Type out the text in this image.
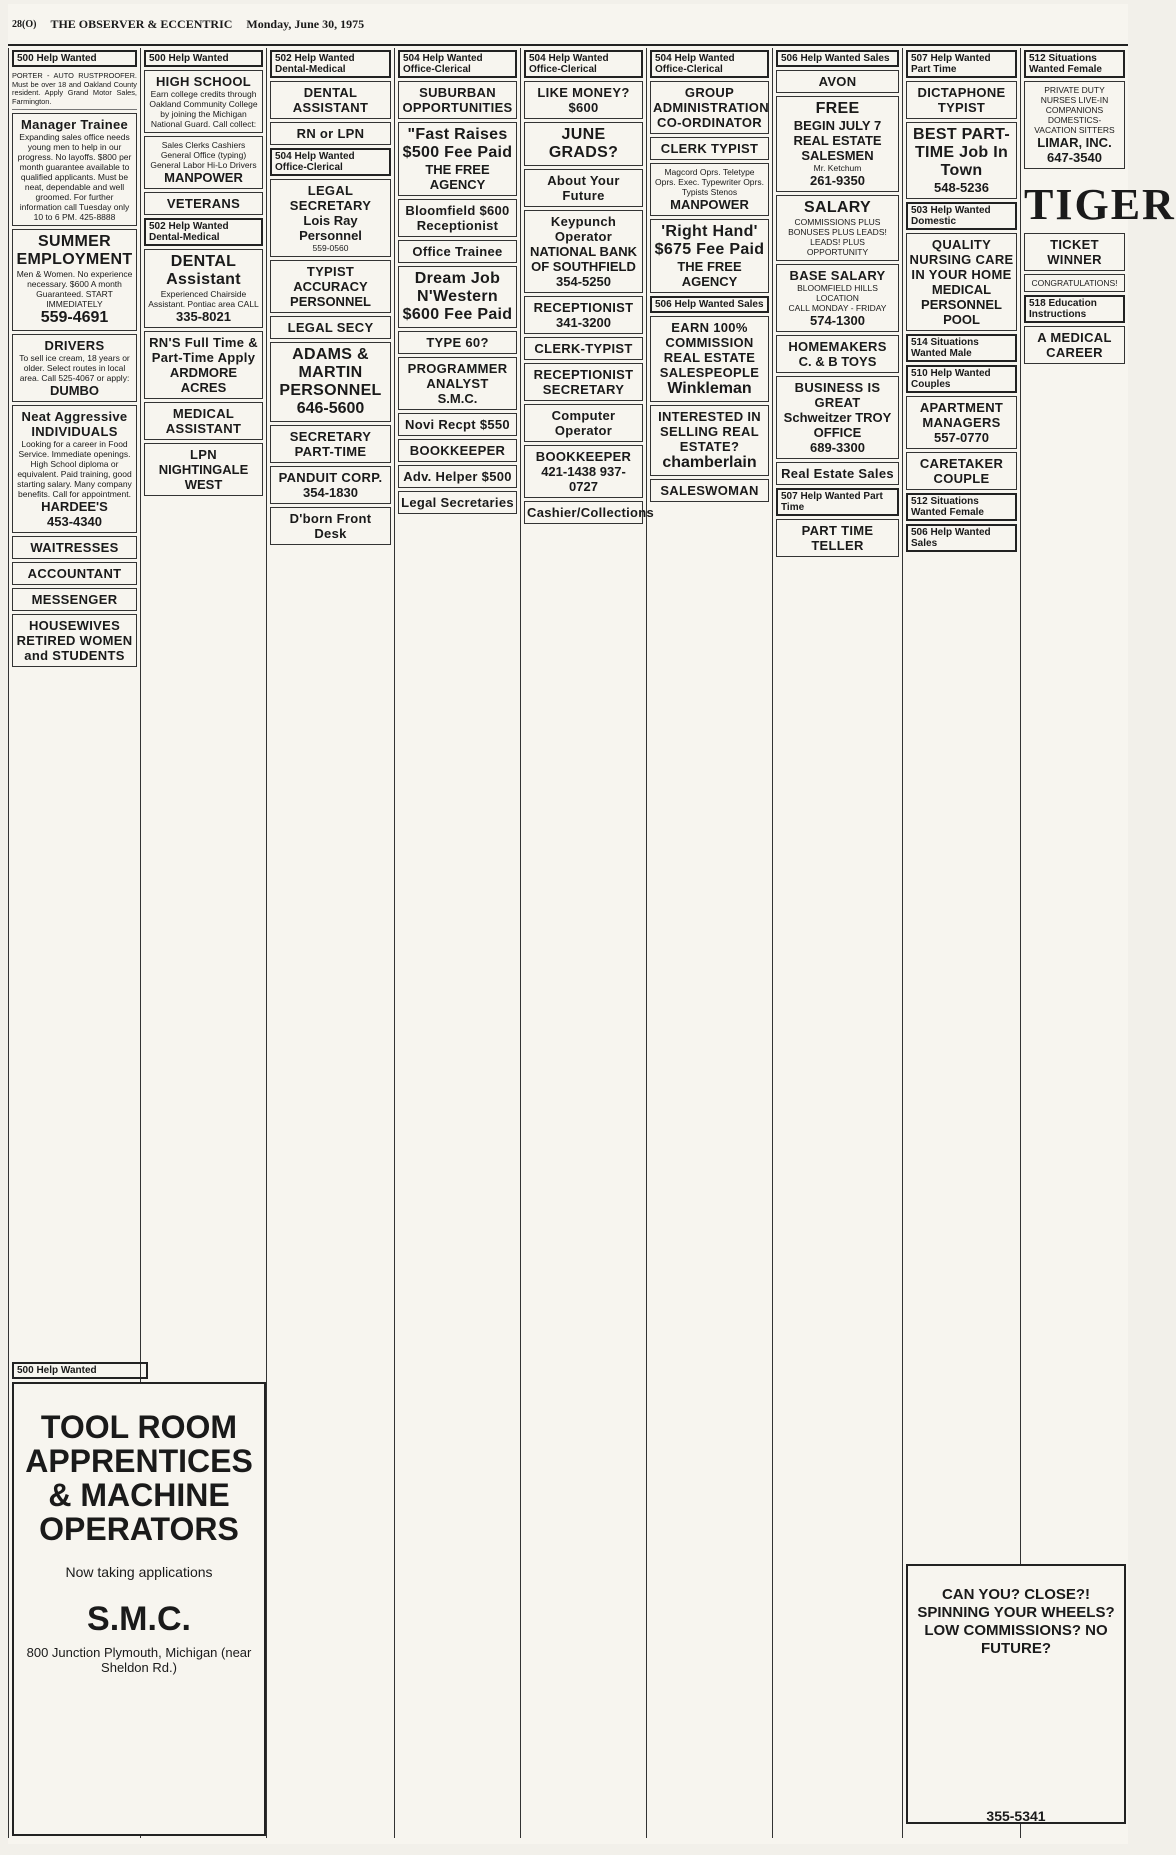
28(O) THE OBSERVER & ECCENTRIC Monday, June 30, 1975
500 Help Wanted

PORTER - AUTO RUSTPROOFER. Must be over 18 and Oakland County resident. Apply Grand Motor Sales, Farmington.

Manager Trainee
Expanding sales office needs young men to help in our progress. No layoffs. $800 per month guarantee available to qualified applicants. Must be neat, dependable and well groomed. For further information call Tuesday only 10 to 6 PM. 425-8888
SUMMER EMPLOYMENT
Men & Women. No experience necessary. $600 A month Guaranteed. START IMMEDIATELY
559-4691
DRIVERS
To sell ice cream, 18 years or older. Select routes in local area. Call 525-4067 or apply:
DUMBO
Neat Aggressive INDIVIDUALS
Looking for a career in Food Service. Immediate openings. High School diploma or equivalent. Paid training, good starting salary. Many company benefits. Call for appointment.
HARDEE'S
453-4340
WAITRESSES
ACCOUNTANT
MESSENGER
HOUSEWIVES RETIRED WOMEN and STUDENTS
500 Help Wanted
HIGH SCHOOL
Earn college credits through Oakland Community College by joining the Michigan National Guard. Call collect:
Sales Clerks Cashiers General Office (typing) General Labor Hi-Lo Drivers
MANPOWER
VETERANS
502 Help Wanted Dental-Medical
DENTAL Assistant
Experienced Chairside Assistant. Pontiac area CALL
335-8021
RN'S Full Time & Part-Time Apply
ARDMORE ACRES
MEDICAL ASSISTANT
LPN
NIGHTINGALE WEST
502 Help Wanted Dental-Medical
DENTAL ASSISTANT
RN or LPN
504 Help Wanted Office-Clerical
LEGAL SECRETARY
Lois Ray Personnel
559-0560
TYPIST
ACCURACY PERSONNEL
LEGAL SECY
ADAMS & MARTIN PERSONNEL
646-5600
SECRETARY PART-TIME
PANDUIT CORP.
354-1830
D'born Front Desk
504 Help Wanted Office-Clerical
SUBURBAN OPPORTUNITIES
"Fast Raises $500 Fee Paid
THE FREE AGENCY
Bloomfield $600 Receptionist
Office Trainee
Dream Job N'Western $600 Fee Paid
TYPE 60?
PROGRAMMER ANALYST
S.M.C.
Novi Recpt $550
BOOKKEEPER
Adv. Helper $500
Legal Secretaries
504 Help Wanted Office-Clerical
LIKE MONEY? $600
JUNE GRADS?
About Your Future
Keypunch Operator
NATIONAL BANK OF SOUTHFIELD
354-5250
RECEPTIONIST
341-3200
CLERK-TYPIST
RECEPTIONIST SECRETARY
Computer Operator
BOOKKEEPER
421-1438 937-0727
Cashier/Collections
504 Help Wanted Office-Clerical
GROUP ADMINISTRATION CO-ORDINATOR
CLERK TYPIST
Magcord Oprs. Teletype Oprs. Exec. Typewriter Oprs. Typists Stenos
MANPOWER
'Right Hand' $675 Fee Paid
THE FREE AGENCY
506 Help Wanted Sales
EARN 100% COMMISSION REAL ESTATE SALESPEOPLE
Winkleman
INTERESTED IN SELLING REAL ESTATE?
chamberlain
SALESWOMAN
506 Help Wanted Sales
AVON
FREE
BEGIN JULY 7
REAL ESTATE SALESMEN
Mr. Ketchum
261-9350
SALARY
COMMISSIONS PLUS BONUSES PLUS LEADS! LEADS! PLUS OPPORTUNITY
BASE SALARY
BLOOMFIELD HILLS LOCATION
CALL MONDAY - FRIDAY
574-1300
HOMEMAKERS
C. & B TOYS
BUSINESS IS GREAT
Schweitzer TROY OFFICE
689-3300
Real Estate Sales
507 Help Wanted Part Time
PART TIME TELLER
507 Help Wanted Part Time
DICTAPHONE TYPIST
BEST PART-TIME Job In Town
548-5236
503 Help Wanted Domestic
QUALITY NURSING CARE IN YOUR HOME
MEDICAL PERSONNEL POOL
514 Situations Wanted Male
510 Help Wanted Couples
APARTMENT MANAGERS
557-0770
CARETAKER COUPLE
512 Situations Wanted Female
506 Help Wanted Sales
512 Situations Wanted Female
PRIVATE DUTY NURSES LIVE-IN COMPANIONS DOMESTICS-VACATION SITTERS
LIMAR, INC.
647-3540
TIGER
TICKET WINNER
CONGRATULATIONS!
518 Education Instructions
A MEDICAL CAREER
500 Help Wanted
TOOL ROOM APPRENTICES & MACHINE OPERATORS
Now taking applications
S.M.C.
800 Junction Plymouth, Michigan (near Sheldon Rd.)
CAN YOU? CLOSE?! SPINNING YOUR WHEELS? LOW COMMISSIONS? NO FUTURE?
355-5341
